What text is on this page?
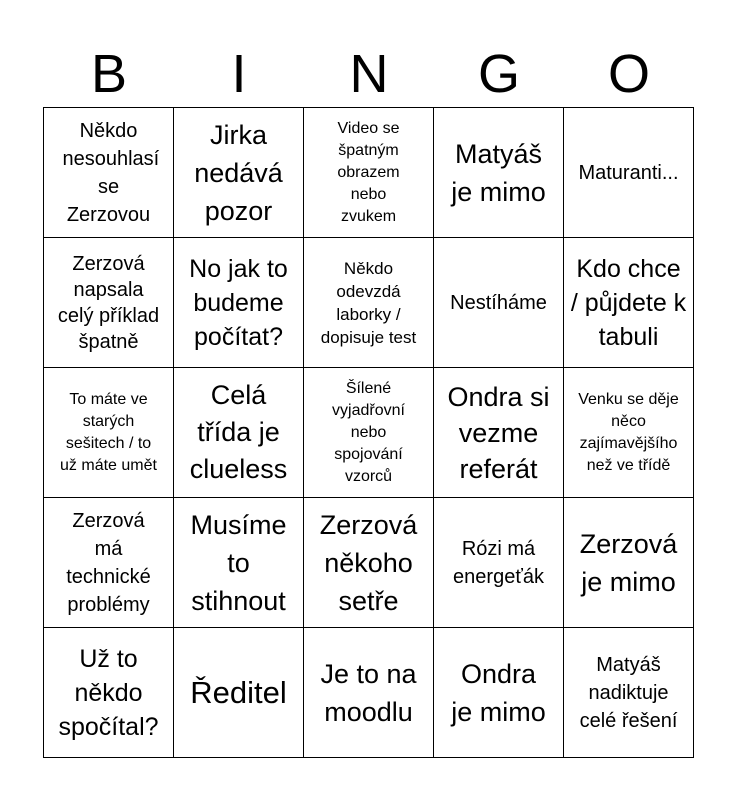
B	I	N	G	O
Někdo nesouhlasí se Zerzovou
Jirka nedává pozor
Video se špatným obrazem nebo zvukem
Matyáš je mimo
Maturanti...
Zerzová napsala celý příklad špatně
No jak to budeme počítat?
Někdo odevzdá laborky / dopisuje test
Nestíháme
Kdo chce / půjdete k tabuli
To máte ve starých sešitech / to už máte umět
Celá třída je clueless
Šílené vyjadřovní nebo spojování vzorců
Ondra si vezme referát
Venku se děje něco zajímavějšího než ve třídě
Zerzová má technické problémy
Musíme to stihnout
Zerzová někoho setře
Rózi má energeťák
Zerzová je mimo
Už to někdo spočítal?
Ředitel
Je to na moodlu
Ondra je mimo
Matyáš nadiktuje celé řešení
